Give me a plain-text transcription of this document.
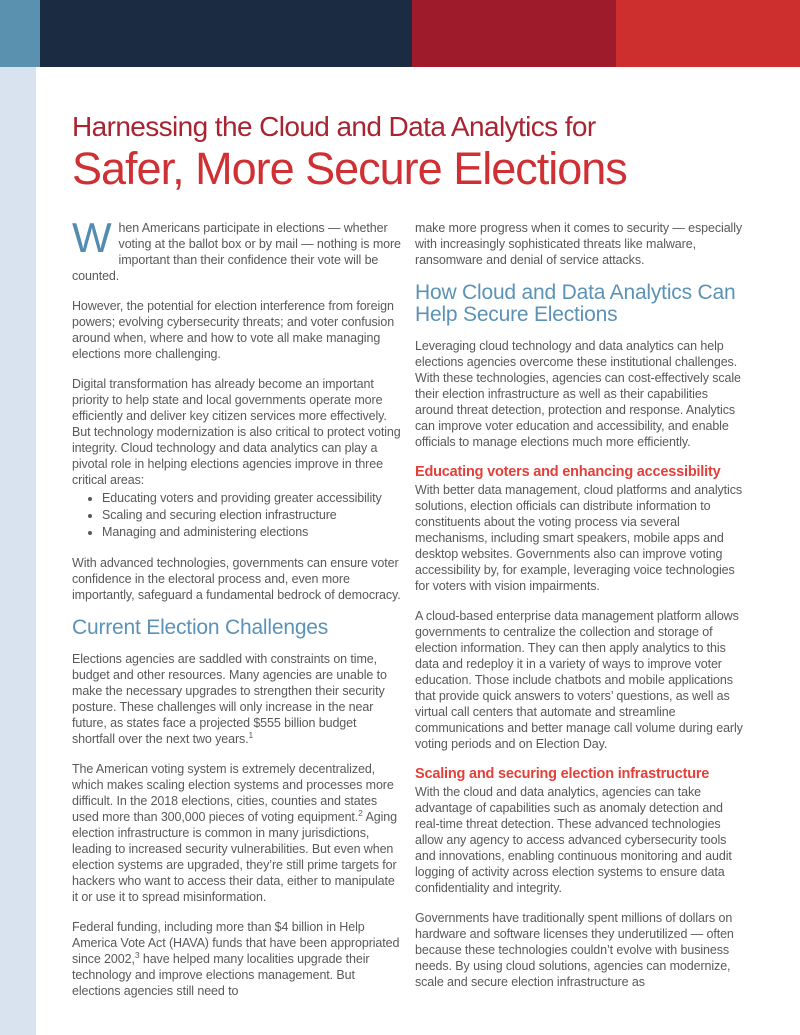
Harnessing the Cloud and Data Analytics for
Safer, More Secure Elections

When Americans participate in elections — whether voting at the ballot box or by mail — nothing is more important than their confidence their vote will be counted.

However, the potential for election interference from foreign powers; evolving cybersecurity threats; and voter confusion around when, where and how to vote all make managing elections more challenging.

Digital transformation has already become an important priority to help state and local governments operate more efficiently and deliver key citizen services more effectively. But technology modernization is also critical to protect voting integrity. Cloud technology and data analytics can play a pivotal role in helping elections agencies improve in three critical areas:

• Educating voters and providing greater accessibility
• Scaling and securing election infrastructure
• Managing and administering elections

With advanced technologies, governments can ensure voter confidence in the electoral process and, even more importantly, safeguard a fundamental bedrock of democracy.

Current Election Challenges

Elections agencies are saddled with constraints on time, budget and other resources. Many agencies are unable to make the necessary upgrades to strengthen their security posture. These challenges will only increase in the near future, as states face a projected $555 billion budget shortfall over the next two years.$^1$

The American voting system is extremely decentralized, which makes scaling election systems and processes more difficult. In the 2018 elections, cities, counties and states used more than 300,000 pieces of voting equipment.$^2$ Aging election infrastructure is common in many jurisdictions, leading to increased security vulnerabilities. But even when election systems are upgraded, they’re still prime targets for hackers who want to access their data, either to manipulate it or use it to spread misinformation.

Federal funding, including more than $4 billion in Help America Vote Act (HAVA) funds that have been appropriated since 2002,$^3$ have helped many localities upgrade their technology and improve elections management. But elections agencies still need to

make more progress when it comes to security — especially with increasingly sophisticated threats like malware, ransomware and denial of service attacks.

How Cloud and Data Analytics Can Help Secure Elections

Leveraging cloud technology and data analytics can help elections agencies overcome these institutional challenges. With these technologies, agencies can cost-effectively scale their election infrastructure as well as their capabilities around threat detection, protection and response. Analytics can improve voter education and accessibility, and enable officials to manage elections much more efficiently.

Educating voters and enhancing accessibility

With better data management, cloud platforms and analytics solutions, election officials can distribute information to constituents about the voting process via several mechanisms, including smart speakers, mobile apps and desktop websites. Governments also can improve voting accessibility by, for example, leveraging voice technologies for voters with vision impairments.

A cloud-based enterprise data management platform allows governments to centralize the collection and storage of election information. They can then apply analytics to this data and redeploy it in a variety of ways to improve voter education. Those include chatbots and mobile applications that provide quick answers to voters’ questions, as well as virtual call centers that automate and streamline communications and better manage call volume during early voting periods and on Election Day.

Scaling and securing election infrastructure

With the cloud and data analytics, agencies can take advantage of capabilities such as anomaly detection and real-time threat detection. These advanced technologies allow any agency to access advanced cybersecurity tools and innovations, enabling continuous monitoring and audit logging of activity across election systems to ensure data confidentiality and integrity.

Governments have traditionally spent millions of dollars on hardware and software licenses they underutilized — often because these technologies couldn’t evolve with business needs. By using cloud solutions, agencies can modernize, scale and secure election infrastructure as
